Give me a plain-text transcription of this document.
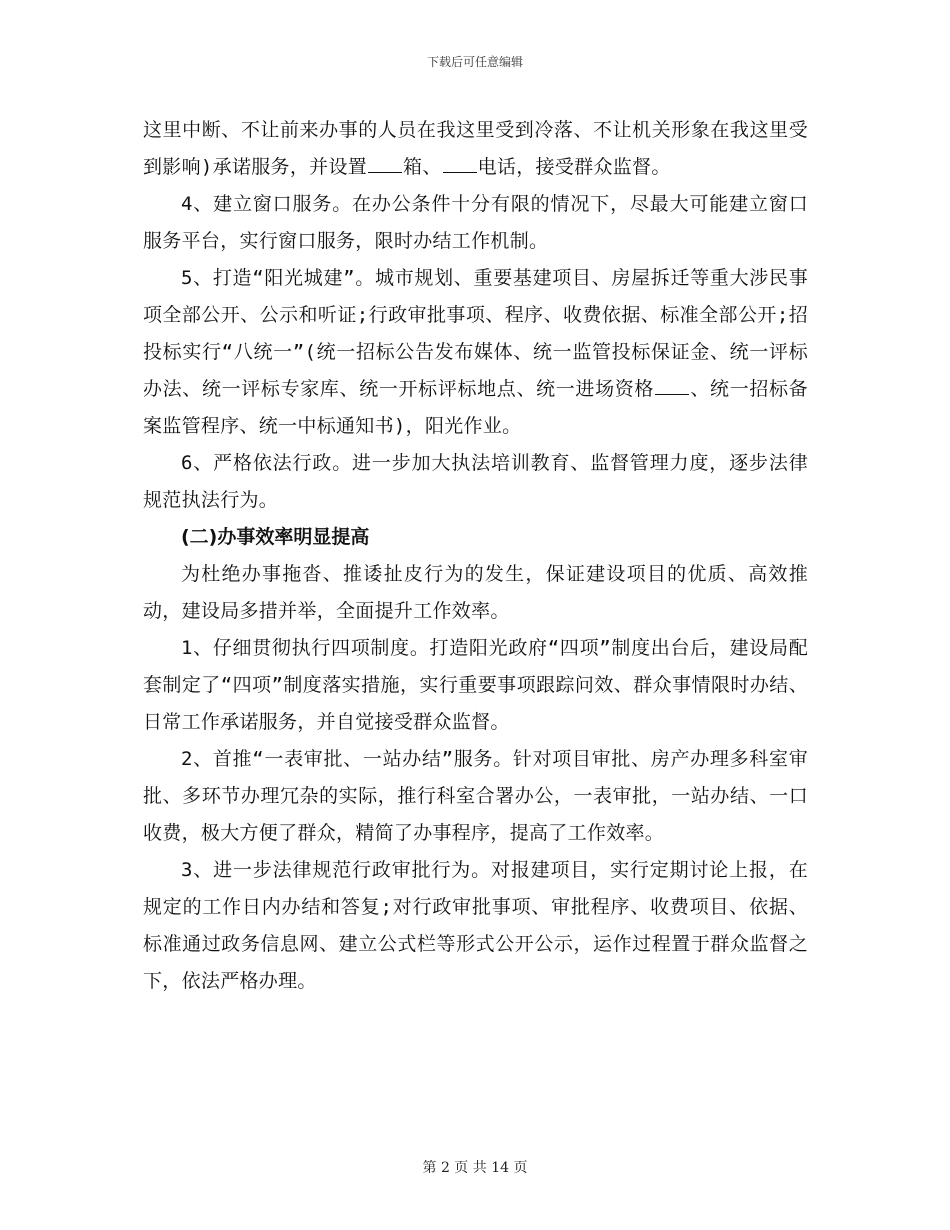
下载后可任意编辑

这里中断、不让前来办事的人员在我这里受到冷落、不让机关形象在我这里受到影响)承诺服务，并设置 箱、 电话，接受群众监督。

4、建立窗口服务。在办公条件十分有限的情况下，尽最大可能建立窗口服务平台，实行窗口服务，限时办结工作机制。

5、打造“阳光城建”。城市规划、重要基建项目、房屋拆迁等重大涉民事项全部公开、公示和听证;行政审批事项、程序、收费依据、标准全部公开;招投标实行“八统一”(统一招标公告发布媒体、统一监管投标保证金、统一评标办法、统一评标专家库、统一开标评标地点、统一进场资格 、统一招标备案监管程序、统一中标通知书)，阳光作业。

6、严格依法行政。进一步加大执法培训教育、监督管理力度，逐步法律规范执法行为。

(二)办事效率明显提高

为杜绝办事拖沓、推诿扯皮行为的发生，保证建设项目的优质、高效推动，建设局多措并举，全面提升工作效率。

1、仔细贯彻执行四项制度。打造阳光政府“四项”制度出台后，建设局配套制定了“四项”制度落实措施，实行重要事项跟踪问效、群众事情限时办结、日常工作承诺服务，并自觉接受群众监督。

2、首推“一表审批、一站办结”服务。针对项目审批、房产办理多科室审批、多环节办理冗杂的实际，推行科室合署办公，一表审批，一站办结、一口收费，极大方便了群众，精简了办事程序，提高了工作效率。

3、进一步法律规范行政审批行为。对报建项目，实行定期讨论上报，在规定的工作日内办结和答复;对行政审批事项、审批程序、收费项目、依据、标准通过政务信息网、建立公式栏等形式公开公示，运作过程置于群众监督之下，依法严格办理。

第 2 页 共 14 页
